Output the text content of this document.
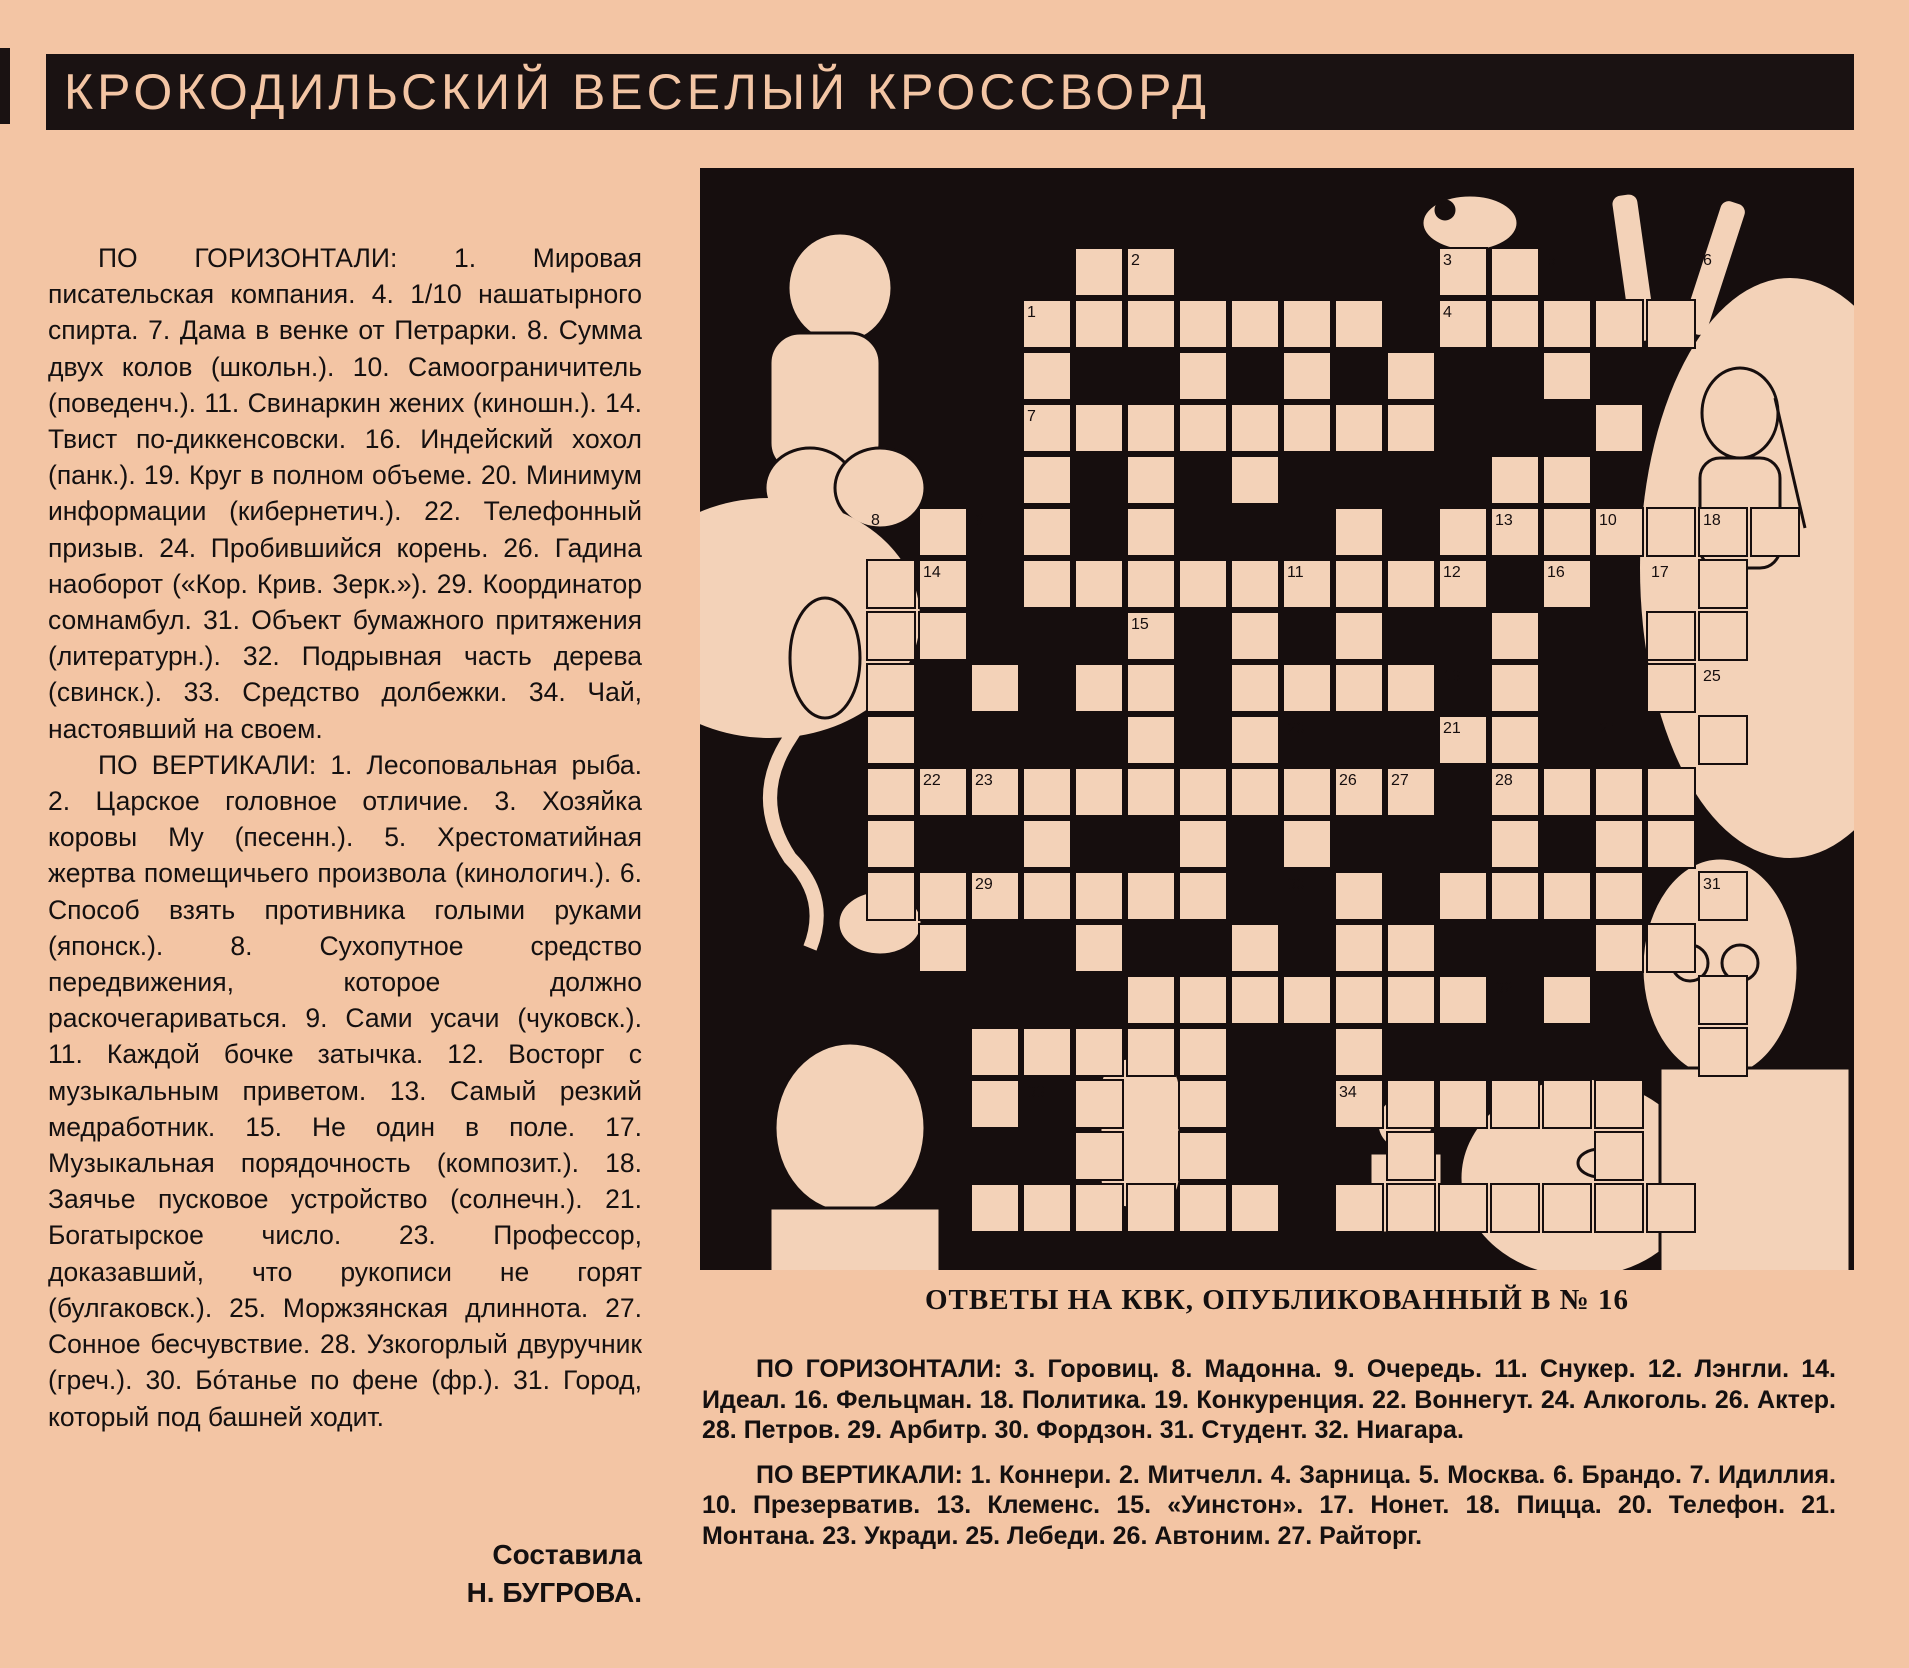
КРОКОДИЛЬСКИЙ ВЕСЕЛЫЙ КРОССВОРД

ПО ГОРИЗОНТАЛИ: 1. Мировая писательская компания. 4. 1/10 нашатырного спирта. 7. Дама в венке от Петрарки. 8. Сумма двух колов (школьн.). 10. Самоограничитель (поведенч.). 11. Свинаркин жених (киношн.). 14. Твист по-диккенсовски. 16. Индейский хохол (панк.). 19. Круг в полном объеме. 20. Минимум информации (кибернетич.). 22. Телефонный призыв. 24. Пробившийся корень. 26. Гадина наоборот («Кор. Крив. Зерк.»). 29. Координатор сомнамбул. 31. Объект бумажного притяжения (литературн.). 32. Подрывная часть дерева (свинск.). 33. Средство долбежки. 34. Чай, настоявший на своем.

ПО ВЕРТИКАЛИ: 1. Лесоповальная рыба. 2. Царское головное отличие. 3. Хозяйка коровы Му (песенн.). 5. Хрестоматийная жертва помещичьего произвола (кинологич.). 6. Способ взять противника голыми руками (японск.). 8. Сухопутное средство передвижения, которое должно раскочегариваться. 9. Сами усачи (чуковск.). 11. Каждой бочке затычка. 12. Восторг с музыкальным приветом. 13. Самый резкий медработник. 15. Не один в поле. 17. Музыкальная порядочность (композит.). 18. Заячье пусковое устройство (солнечн.). 21. Богатырское число. 23. Профессор, доказавший, что рукописи не горят (булгаковск.). 25. Моржзянская длиннота. 27. Сонное бесчувствие. 28. Узкогорлый двуручник (греч.). 30. Бо́танье по фене (фр.). 31. Город, который под башней ходит.

Составила
Н. БУГРОВА.
1
2	3
4
5	6
7
8	9	10
11	12
13
14
15
16	17
18
19
20	21
22 23
24
25
26 27	28
29	30	31
32
33	34
ОТВЕТЫ НА КВК, ОПУБЛИКОВАННЫЙ В № 16

ПО ГОРИЗОНТАЛИ: 3. Горовиц. 8. Мадонна. 9. Очередь. 11. Снукер. 12. Лэнгли. 14. Идеал. 16. Фельцман. 18. Политика. 19. Конкуренция. 22. Воннегут. 24. Алкоголь. 26. Актер. 28. Петров. 29. Арбитр. 30. Фордзон. 31. Студент. 32. Ниагара.

ПО ВЕРТИКАЛИ: 1. Коннери. 2. Митчелл. 4. Зарница. 5. Москва. 6. Брандо. 7. Идиллия. 10. Презерватив. 13. Клеменс. 15. «Уинстон». 17. Нонет. 18. Пицца. 20. Телефон. 21. Монтана. 23. Укради. 25. Лебеди. 26. Автоним. 27. Райторг.
